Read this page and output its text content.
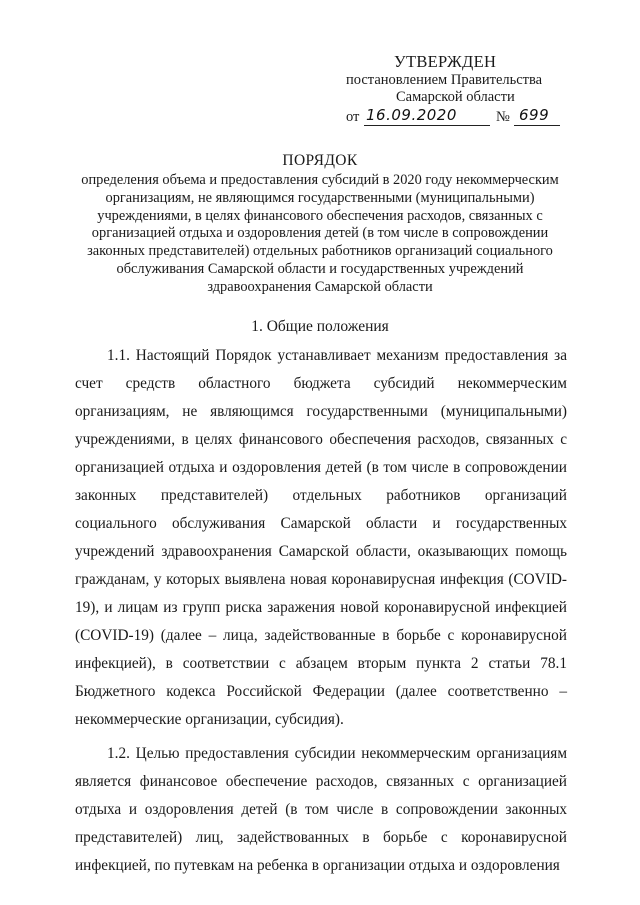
УТВЕРЖДЕН
постановлением Правительства
Самарской области
от 16.09.2020	№ 699
ПОРЯДОК
определения объема и предоставления субсидий в 2020 году некоммерческим организациям, не являющимся государственными (муниципальными) учреждениями, в целях финансового обеспечения расходов, связанных с организацией отдыха и оздоровления детей (в том числе в сопровождении законных представителей) отдельных работников организаций социального обслуживания Самарской области и государственных учреждений здравоохранения Самарской области
1. Общие положения

1.1. Настоящий Порядок устанавливает механизм предоставления за счет средств областного бюджета субсидий некоммерческим организациям, не являющимся государственными (муниципальными) учреждениями, в целях финансового обеспечения расходов, связанных с организацией отдыха и оздоровления детей (в том числе в сопровождении законных представителей) отдельных работников организаций социального обслуживания Самарской области и государственных учреждений здравоохранения Самарской области, оказывающих помощь гражданам, у которых выявлена новая коронавирусная инфекция (COVID-19), и лицам из групп риска заражения новой коронавирусной инфекцией (COVID-19) (далее – лица, задействованные в борьбе с коронавирусной инфекцией), в соответствии с абзацем вторым пункта 2 статьи 78.1 Бюджетного кодекса Российской Федерации (далее соответственно – некоммерческие организации, субсидия).

1.2. Целью предоставления субсидии некоммерческим организациям является финансовое обеспечение расходов, связанных с организацией отдыха и оздоровления детей (в том числе в сопровождении законных представителей) лиц, задействованных в борьбе с коронавирусной инфекцией, по путевкам на ребенка в организации отдыха и оздоровления
